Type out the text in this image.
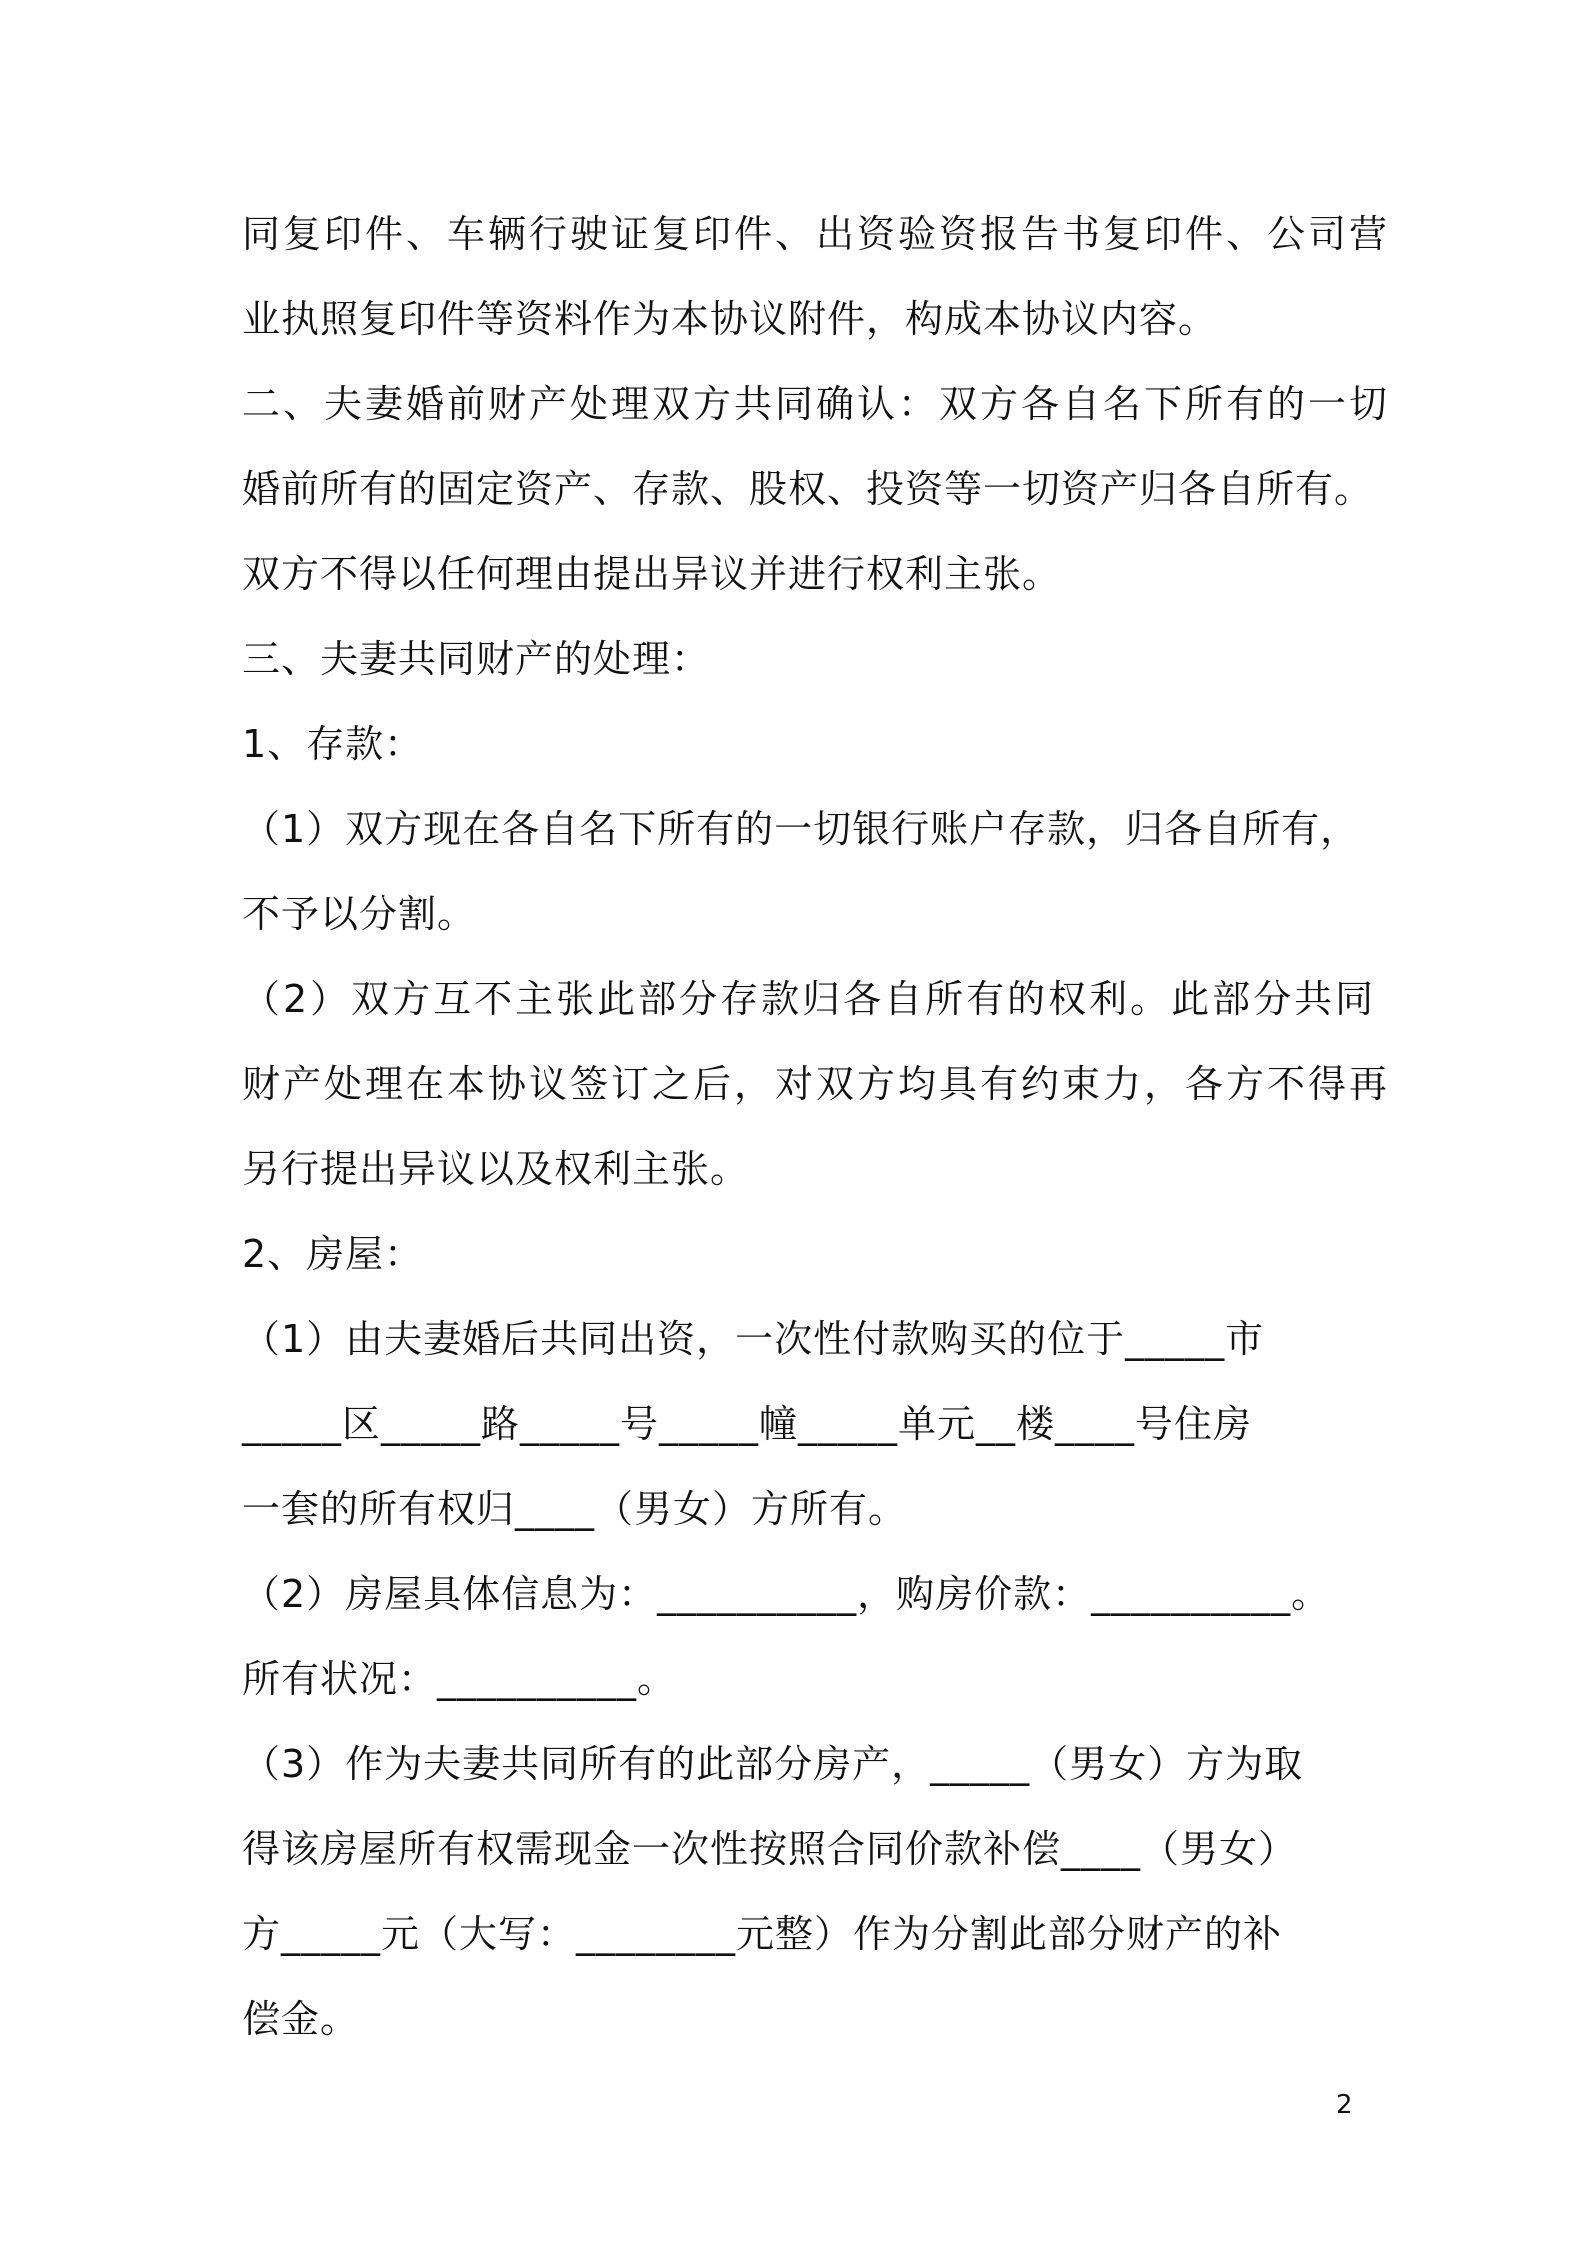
同复印件、车辆行驶证复印件、出资验资报告书复印件、公司营
业执照复印件等资料作为本协议附件，构成本协议内容。
二、夫妻婚前财产处理双方共同确认：双方各自名下所有的一切
婚前所有的固定资产、存款、股权、投资等一切资产归各自所有。
双方不得以任何理由提出异议并进行权利主张。
三、夫妻共同财产的处理：
1、存款：
（1）双方现在各自名下所有的一切银行账户存款，归各自所有，
不予以分割。
（2）双方互不主张此部分存款归各自所有的权利。此部分共同
财产处理在本协议签订之后，对双方均具有约束力，各方不得再
另行提出异议以及权利主张。
2、房屋：
（1）由夫妻婚后共同出资，一次性付款购买的位于_____市
_____区_____路_____号_____幢_____单元__楼____号住房
一套的所有权归____（男女）方所有。
（2）房屋具体信息为：__________，购房价款：__________。
所有状况：__________。
（3）作为夫妻共同所有的此部分房产，_____（男女）方为取
得该房屋所有权需现金一次性按照合同价款补偿____（男女）
方_____元（大写：________元整）作为分割此部分财产的补
偿金。
2
